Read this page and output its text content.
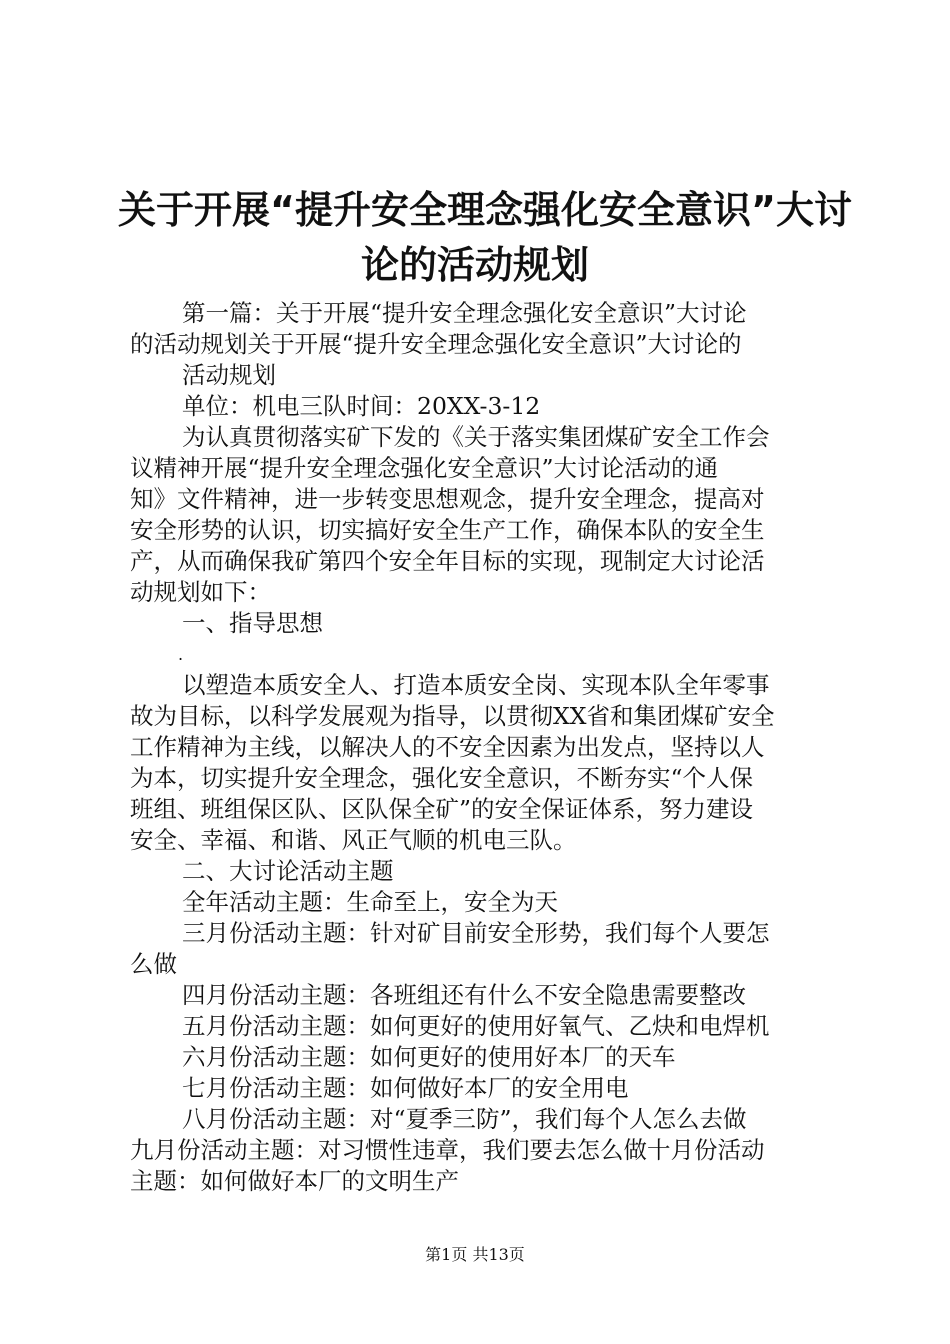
关于开展“提升安全理念强化安全意识”大讨
论的活动规划

第一篇：关于开展“提升安全理念强化安全意识”大讨论

的活动规划关于开展“提升安全理念强化安全意识”大讨论的

活动规划

单位：机电三队时间：20XX-3-12

为认真贯彻落实矿下发的《关于落实集团煤矿安全工作会

议精神开展“提升安全理念强化安全意识”大讨论活动的通

知》文件精神，进一步转变思想观念，提升安全理念，提高对

安全形势的认识，切实搞好安全生产工作，确保本队的安全生

产，从而确保我矿第四个安全年目标的实现，现制定大讨论活

动规划如下：

一、指导思想

.

以塑造本质安全人、打造本质安全岗、实现本队全年零事

故为目标，以科学发展观为指导，以贯彻XX省和集团煤矿安全

工作精神为主线，以解决人的不安全因素为出发点，坚持以人

为本，切实提升安全理念，强化安全意识，不断夯实“个人保

班组、班组保区队、区队保全矿”的安全保证体系，努力建设

安全、幸福、和谐、风正气顺的机电三队。

二、大讨论活动主题

全年活动主题：生命至上，安全为天

三月份活动主题：针对矿目前安全形势，我们每个人要怎

么做

四月份活动主题：各班组还有什么不安全隐患需要整改

五月份活动主题：如何更好的使用好氧气、乙炔和电焊机

六月份活动主题：如何更好的使用好本厂的天车

七月份活动主题：如何做好本厂的安全用电

八月份活动主题：对“夏季三防”，我们每个人怎么去做

九月份活动主题：对习惯性违章，我们要去怎么做十月份活动

主题：如何做好本厂的文明生产

第1页 共13页
